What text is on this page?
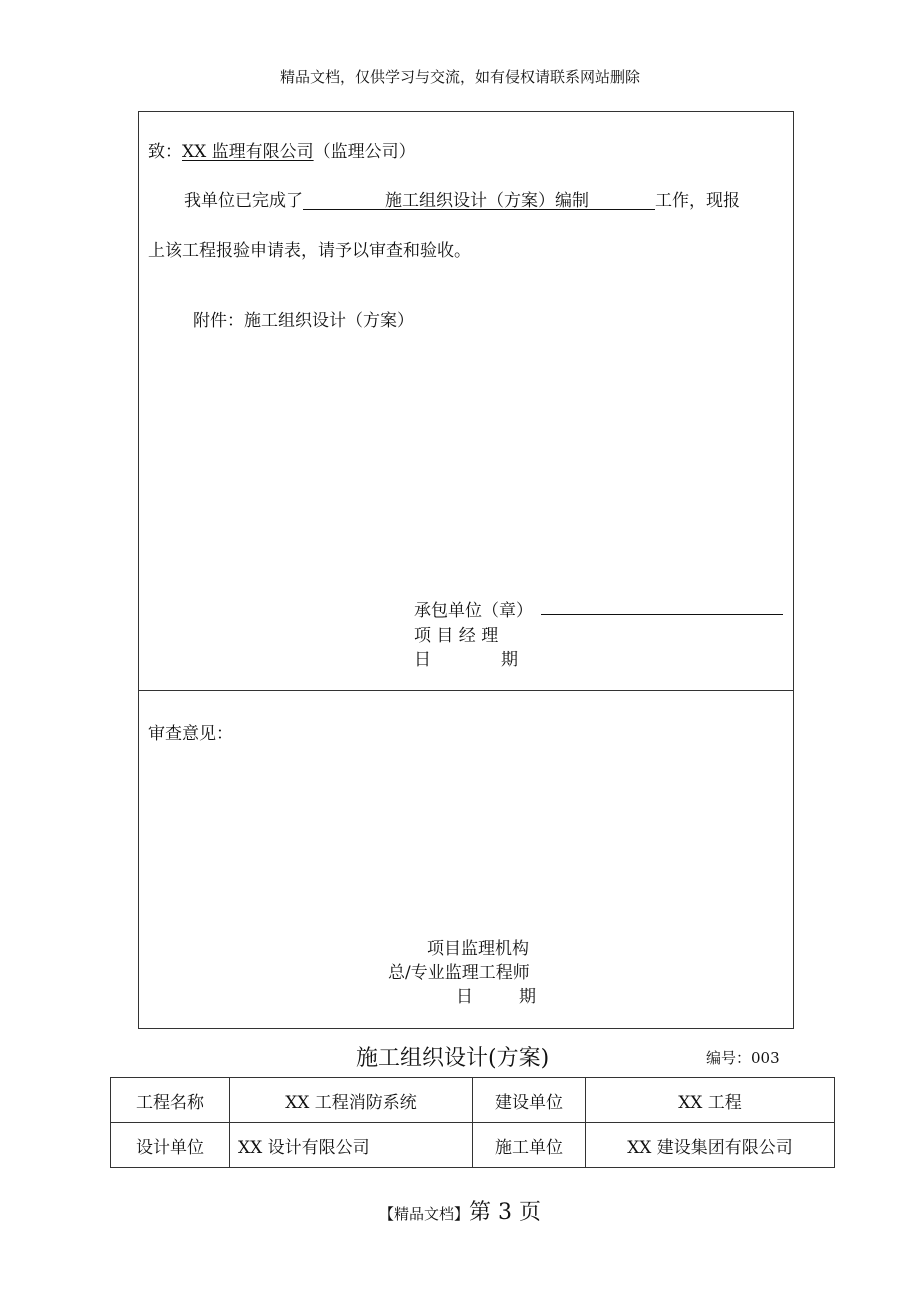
精品文档，仅供学习与交流，如有侵权请联系网站删除
致：XX 监理有限公司（监理公司）
我单位已完成了	施工组织设计（方案）编制	工作，现报
上该工程报验申请表，请予以审查和验收。
附件：施工组织设计（方案）
承包单位（章）
项 目 经 理
日	期
审查意见：
项目监理机构
总/专业监理工程师
日	期
施工组织设计(方案)	编号：003
工程名称	XX 工程消防系统	建设单位	XX 工程
设计单位	XX 设计有限公司	施工单位	XX 建设集团有限公司
【精品文档】第 3 页
